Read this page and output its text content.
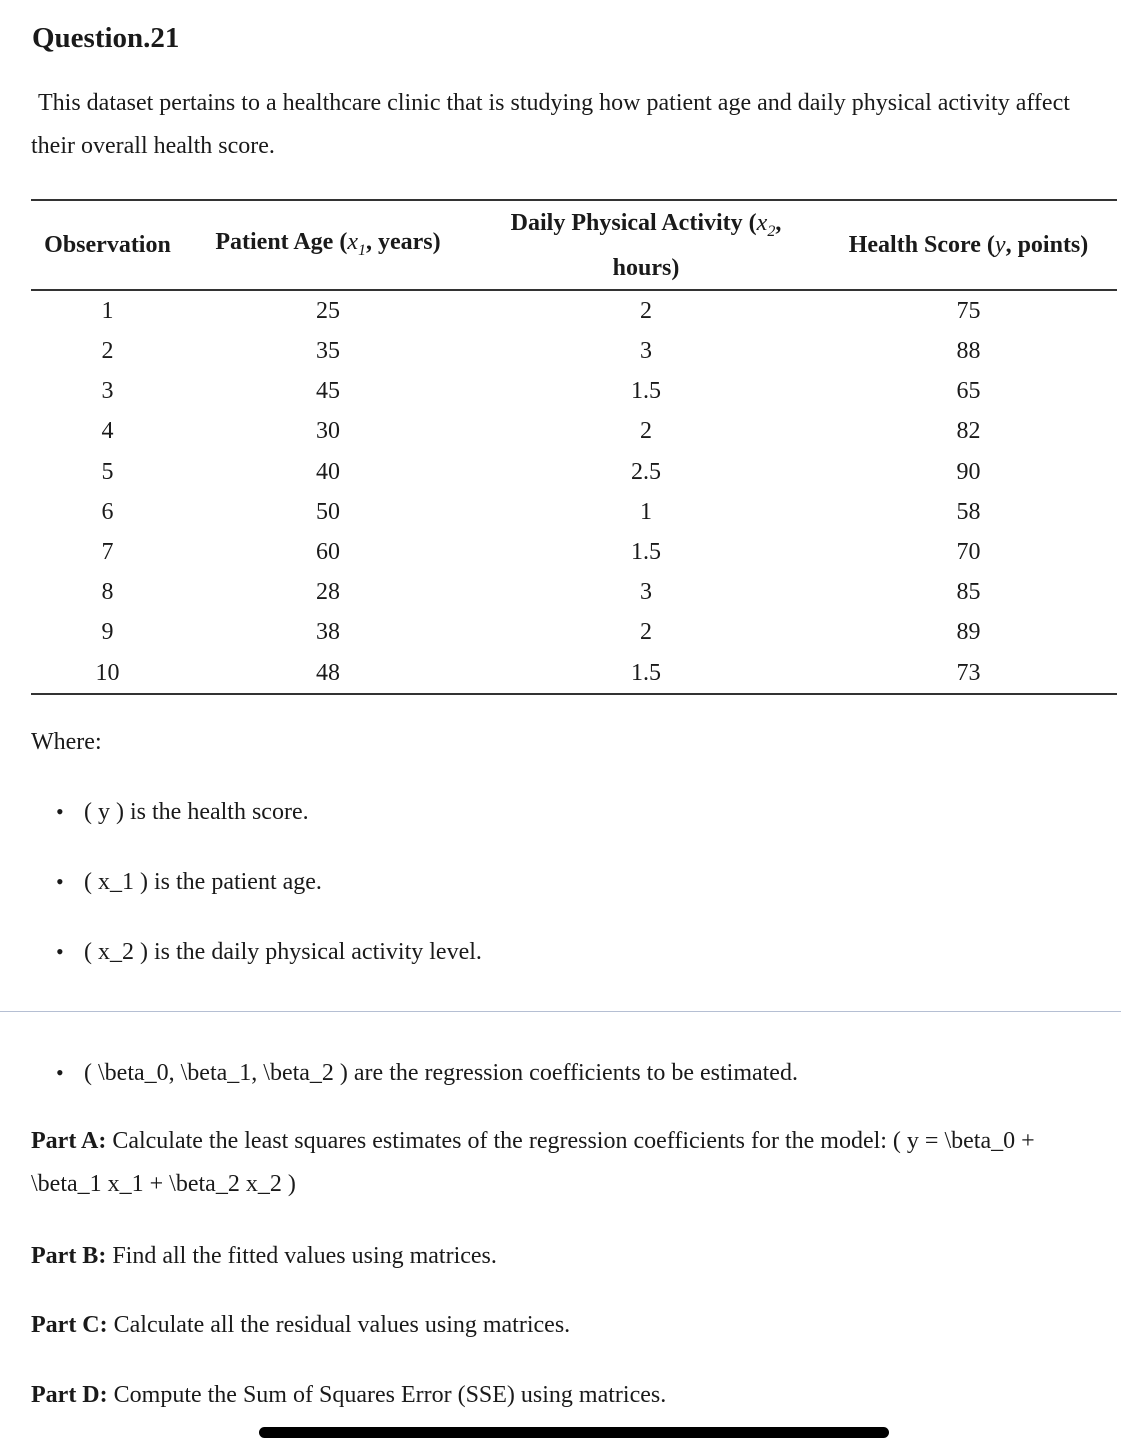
Question.21
This dataset pertains to a healthcare clinic that is studying how patient age and daily physical activity affect their overall health score.
Observation	Patient Age ($x_1$, years)	Daily Physical Activity ($x_2$, hours)	Health Score (y, points)
1	25	2	75
2	35	3	88
3	45	1.5	65
4	30	2	82
5	40	2.5	90
6	50	1	58
7	60	1.5	70
8	28	3	85
9	38	2	89
10	48	1.5	73
Where:
• ( y ) is the health score.
• ( x_1 ) is the patient age.
• ( x_2 ) is the daily physical activity level.
• ( \beta_0, \beta_1, \beta_2 ) are the regression coefficients to be estimated.
Part A: Calculate the least squares estimates of the regression coefficients for the model: ( y = \beta_0 + \beta_1 x_1 + \beta_2 x_2 )
Part B: Find all the fitted values using matrices.
Part C: Calculate all the residual values using matrices.
Part D: Compute the Sum of Squares Error (SSE) using matrices.
